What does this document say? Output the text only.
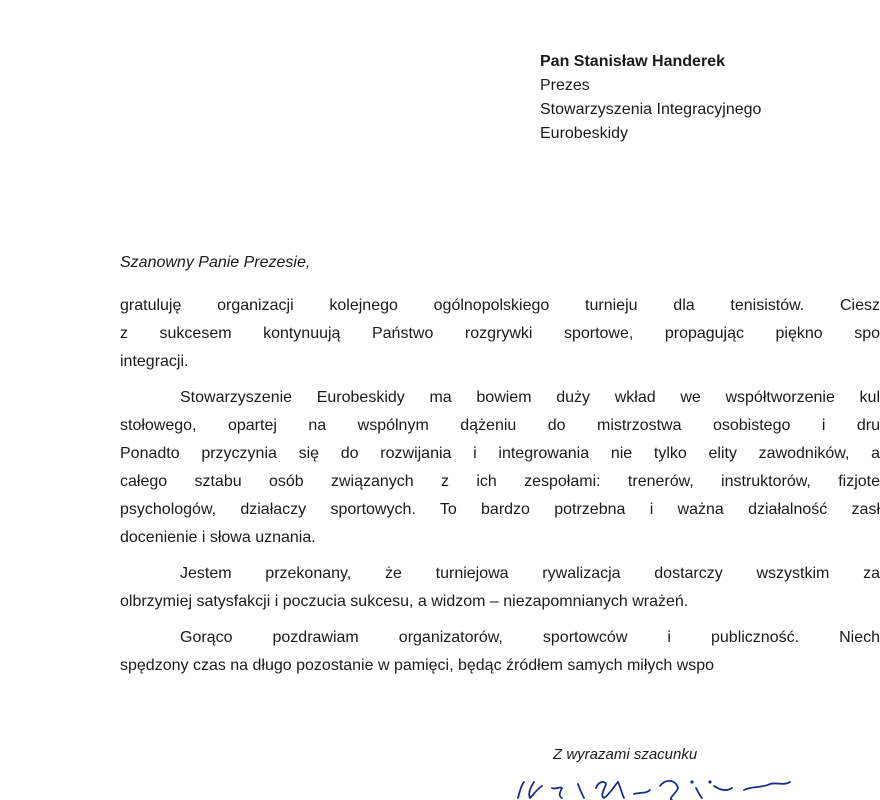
Pan Stanisław Handerek
Prezes
Stowarzyszenia Integracyjnego
Eurobeskidy
Szanowny Panie Prezesie,
gratuluję organizacji kolejnego ogólnopolskiego turnieju dla tenisistów. Ciesz
z sukcesem kontynuują Państwo rozgrywki sportowe, propagując piękno spo
integracji.
Stowarzyszenie Eurobeskidy ma bowiem duży wkład we współtworzenie kul
stołowego, opartej na wspólnym dążeniu do mistrzostwa osobistego i dru
Ponadto przyczynia się do rozwijania i integrowania nie tylko elity zawodników, a
całego sztabu osób związanych z ich zespołami: trenerów, instruktorów, fizjote
psychologów, działaczy sportowych. To bardzo potrzebna i ważna działalność zasł
docenienie i słowa uznania.
Jestem przekonany, że turniejowa rywalizacja dostarczy wszystkim za
olbrzymiej satysfakcji i poczucia sukcesu, a widzom – niezapomnianych wrażeń.
Gorąco pozdrawiam organizatorów, sportowców i publiczność. Niech
spędzony czas na długo pozostanie w pamięci, będąc źródłem samych miłych wspo
Z wyrazami szacunku
